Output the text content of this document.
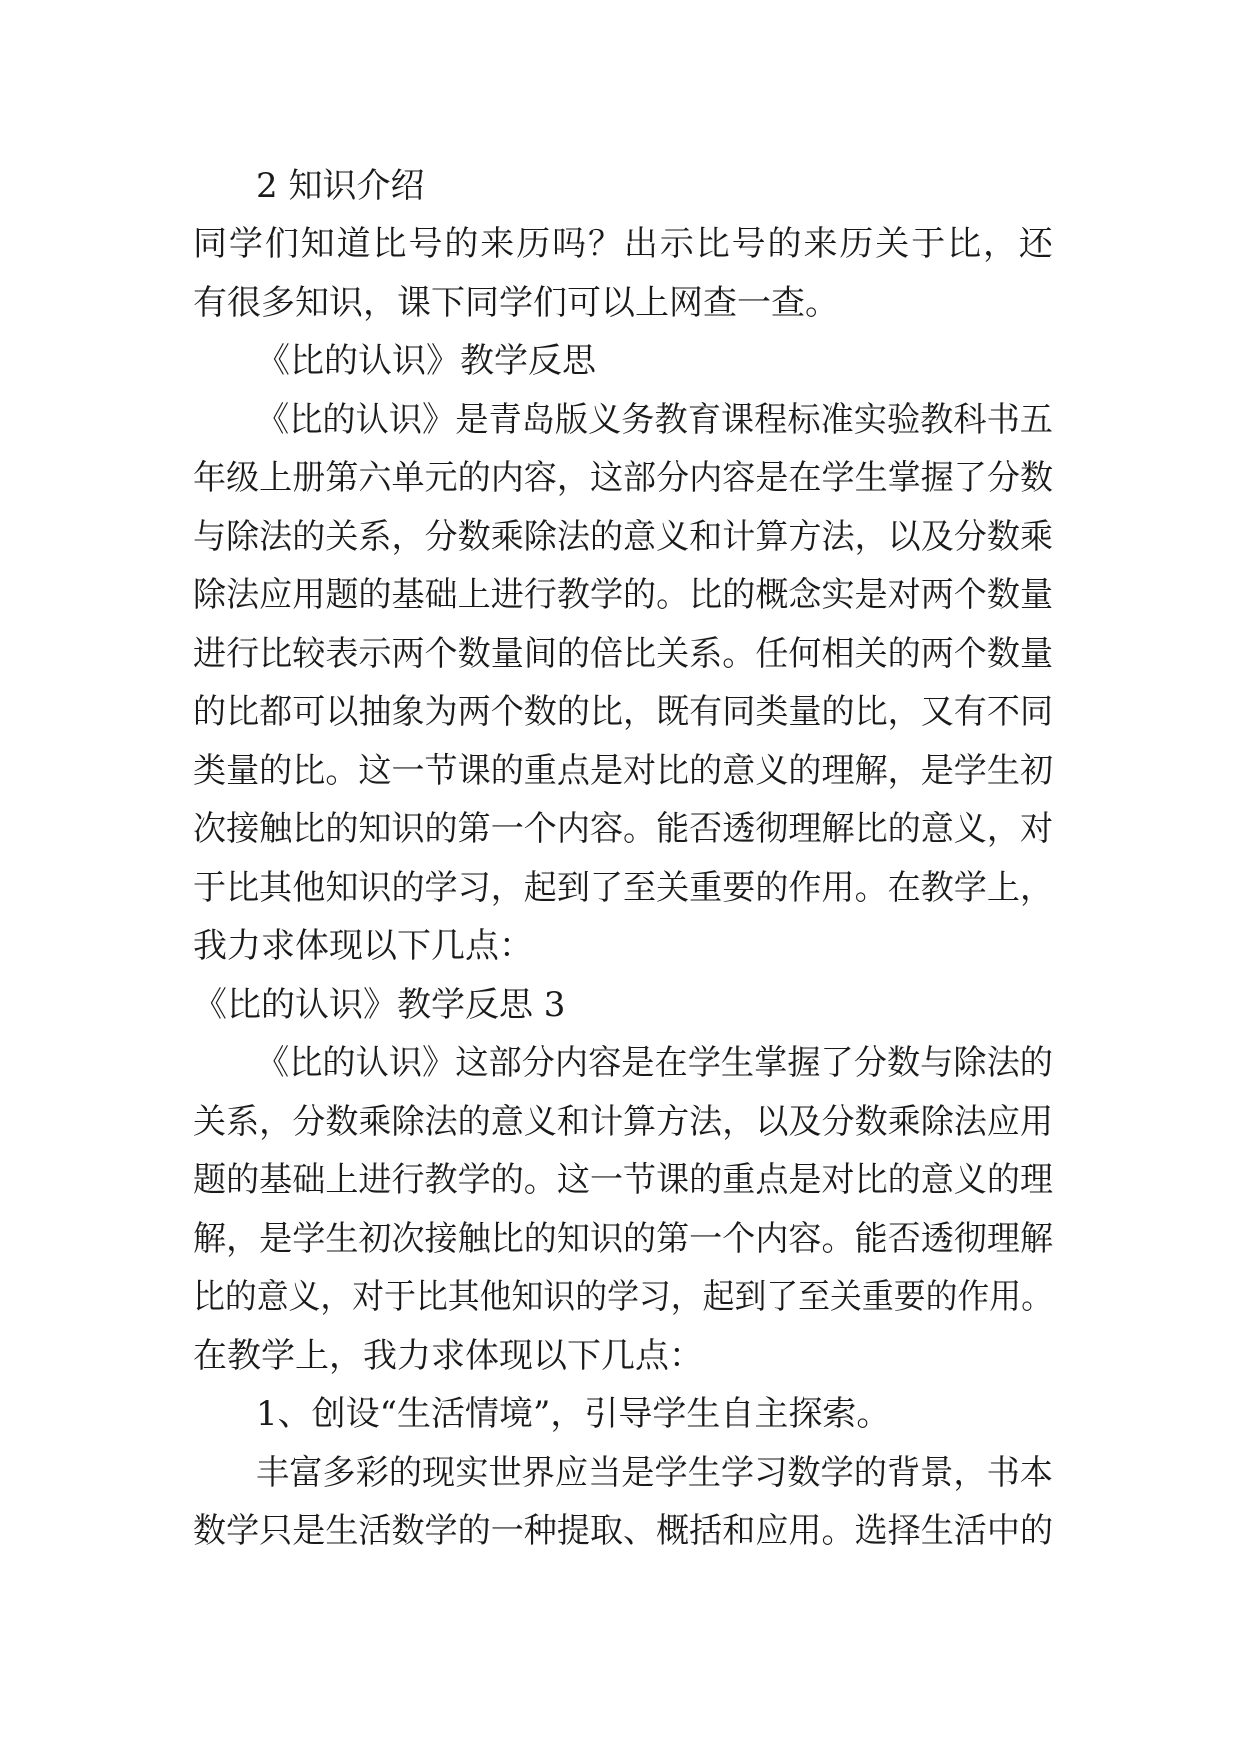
2 知识介绍
同学们知道比号的来历吗？出示比号的来历关于比，还
有很多知识，课下同学们可以上网查一查。
《比的认识》教学反思
《比的认识》是青岛版义务教育课程标准实验教科书五
年级上册第六单元的内容，这部分内容是在学生掌握了分数
与除法的关系，分数乘除法的意义和计算方法，以及分数乘
除法应用题的基础上进行教学的。比的概念实是对两个数量
进行比较表示两个数量间的倍比关系。任何相关的两个数量
的比都可以抽象为两个数的比，既有同类量的比，又有不同
类量的比。这一节课的重点是对比的意义的理解，是学生初
次接触比的知识的第一个内容。能否透彻理解比的意义，对
于比其他知识的学习，起到了至关重要的作用。在教学上，
我力求体现以下几点：
《比的认识》教学反思 3
《比的认识》这部分内容是在学生掌握了分数与除法的
关系，分数乘除法的意义和计算方法，以及分数乘除法应用
题的基础上进行教学的。这一节课的重点是对比的意义的理
解，是学生初次接触比的知识的第一个内容。能否透彻理解
比的意义，对于比其他知识的学习，起到了至关重要的作用。
在教学上，我力求体现以下几点：
1、创设“生活情境”，引导学生自主探索。
丰富多彩的现实世界应当是学生学习数学的背景，书本
数学只是生活数学的一种提取、概括和应用。选择生活中的
